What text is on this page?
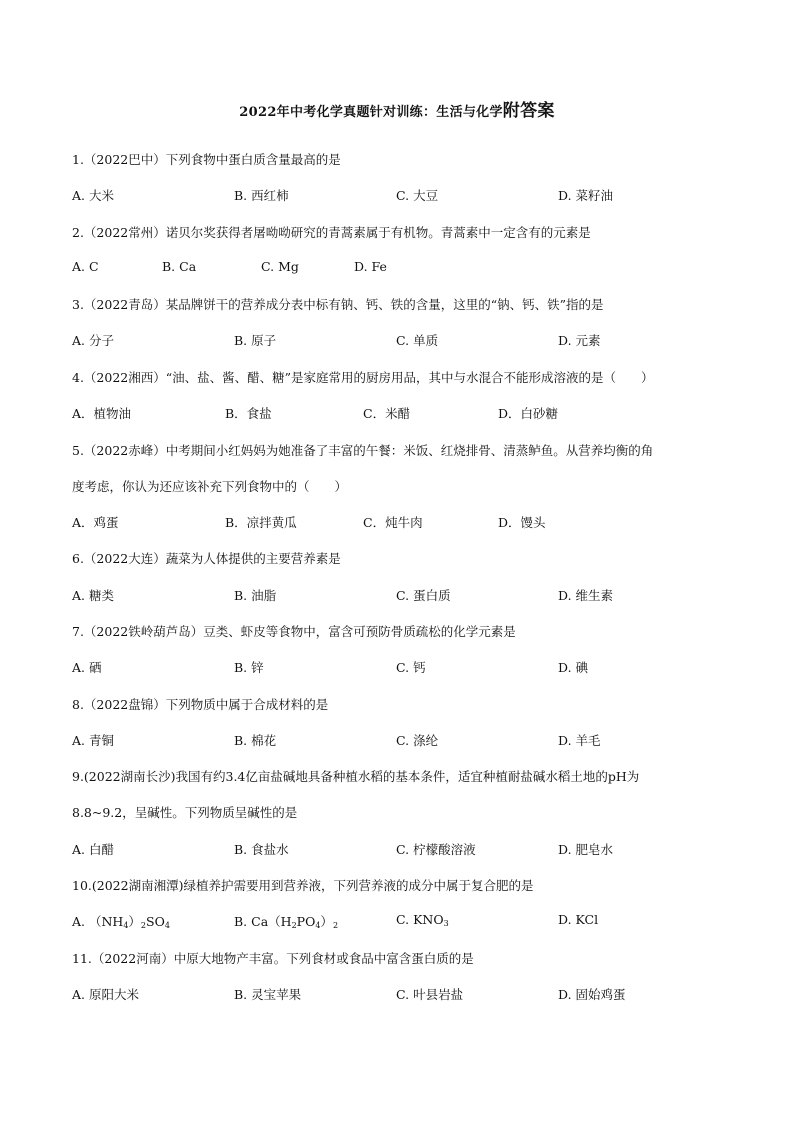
2022年中考化学真题针对训练：生活与化学附答案
1.（2022巴中）下列食物中蛋白质含量最高的是
A. 大米	B. 西红柿	C. 大豆	D. 菜籽油
2.（2022常州）诺贝尔奖获得者屠呦呦研究的青蒿素属于有机物。青蒿素中一定含有的元素是
A. C	B. Ca	C. Mg	D. Fe
3.（2022青岛）某品牌饼干的营养成分表中标有钠、钙、铁的含量，这里的“钠、钙、铁”指的是
A. 分子	B. 原子	C. 单质	D. 元素
4.（2022湘西）“油、盐、酱、醋、糖”是家庭常用的厨房用品，其中与水混合不能形成溶液的是（　　）
A．植物油	B．食盐	C．米醋	D．白砂糖
5.（2022赤峰）中考期间小红妈妈为她准备了丰富的午餐：米饭、红烧排骨、清蒸鲈鱼。从营养均衡的角
度考虑，你认为还应该补充下列食物中的（　　）
A．鸡蛋	B．凉拌黄瓜	C．炖牛肉	D．馒头
6.（2022大连）蔬菜为人体提供的主要营养素是
A. 糖类	B. 油脂	C. 蛋白质	D. 维生素
7.（2022铁岭葫芦岛）豆类、虾皮等食物中，富含可预防骨质疏松的化学元素是
A. 硒	B. 锌	C. 钙	D. 碘
8.（2022盘锦）下列物质中属于合成材料的是
A. 青铜	B. 棉花	C. 涤纶	D. 羊毛
9.(2022湖南长沙)我国有约3.4亿亩盐碱地具备种植水稻的基本条件，适宜种植耐盐碱水稻土地的pH为
8.8~9.2，呈碱性。下列物质呈碱性的是
A. 白醋	B. 食盐水	C. 柠檬酸溶液	D. 肥皂水
10.(2022湖南湘潭)绿植养护需要用到营养液，下列营养液的成分中属于复合肥的是
A. $(NH_4)_2SO_4$	B. $Ca(H_2PO_4)_2$	C. $KNO_3$	D. KCl
11.（2022河南）中原大地物产丰富。下列食材或食品中富含蛋白质的是
A. 原阳大米	B. 灵宝苹果	C. 叶县岩盐	D. 固始鸡蛋
